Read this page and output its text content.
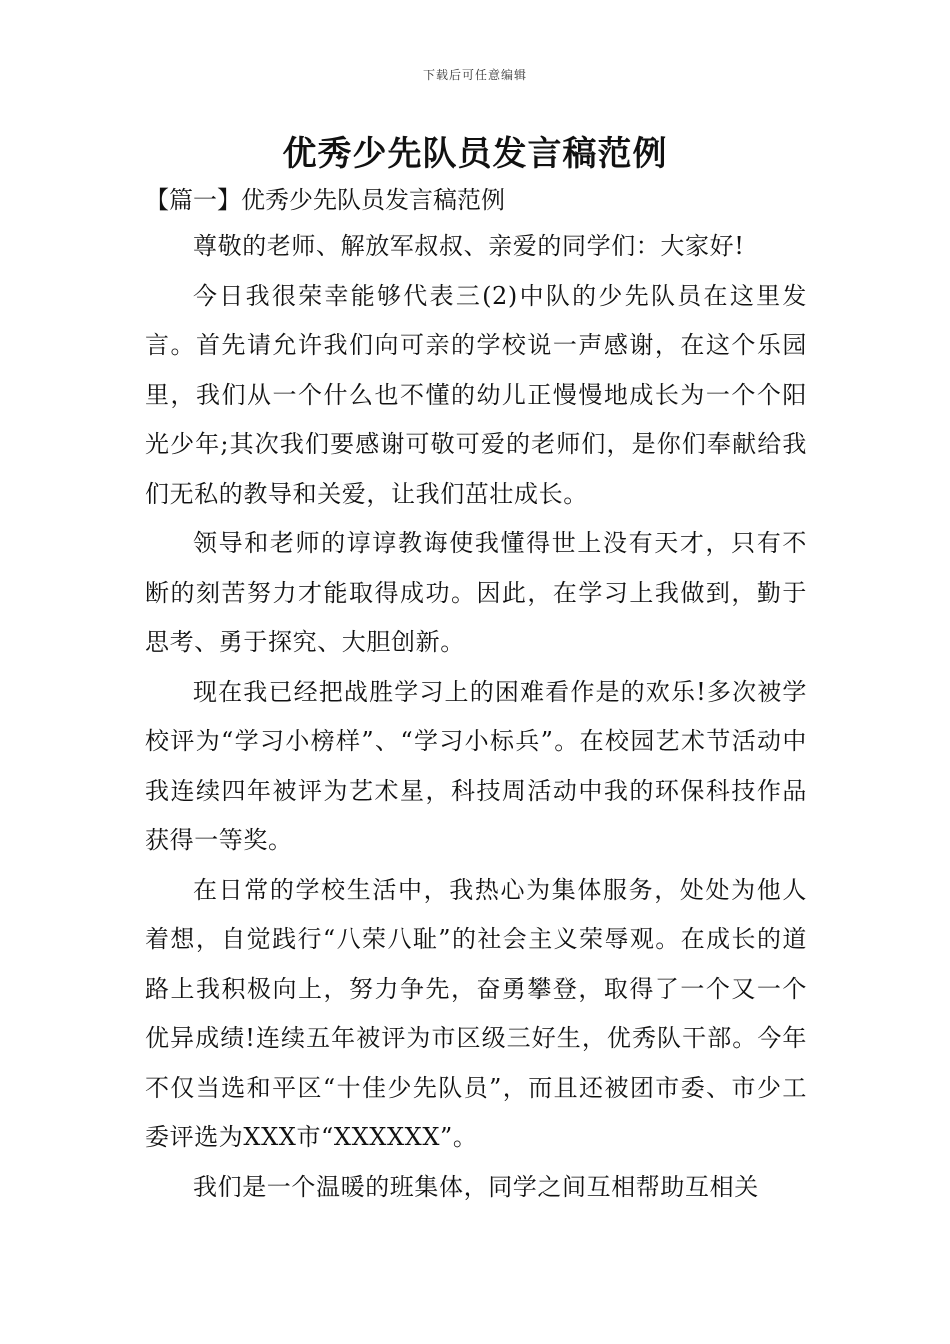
下载后可任意编辑
优秀少先队员发言稿范例
【篇一】优秀少先队员发言稿范例

尊敬的老师、解放军叔叔、亲爱的同学们：大家好!

今日我很荣幸能够代表三(2)中队的少先队员在这里发言。首先请允许我们向可亲的学校说一声感谢，在这个乐园里，我们从一个什么也不懂的幼儿正慢慢地成长为一个个阳光少年;其次我们要感谢可敬可爱的老师们，是你们奉献给我们无私的教导和关爱，让我们茁壮成长。

领导和老师的谆谆教诲使我懂得世上没有天才，只有不断的刻苦努力才能取得成功。因此，在学习上我做到，勤于思考、勇于探究、大胆创新。

现在我已经把战胜学习上的困难看作是的欢乐!多次被学校评为“学习小榜样”、“学习小标兵”。在校园艺术节活动中我连续四年被评为艺术星，科技周活动中我的环保科技作品获得一等奖。

在日常的学校生活中，我热心为集体服务，处处为他人着想，自觉践行“八荣八耻”的社会主义荣辱观。在成长的道路上我积极向上，努力争先，奋勇攀登，取得了一个又一个优异成绩!连续五年被评为市区级三好生，优秀队干部。今年不仅当选和平区“十佳少先队员”，而且还被团市委、市少工委评选为XXX市“XXXXXX”。

我们是一个温暖的班集体，同学之间互相帮助互相关
